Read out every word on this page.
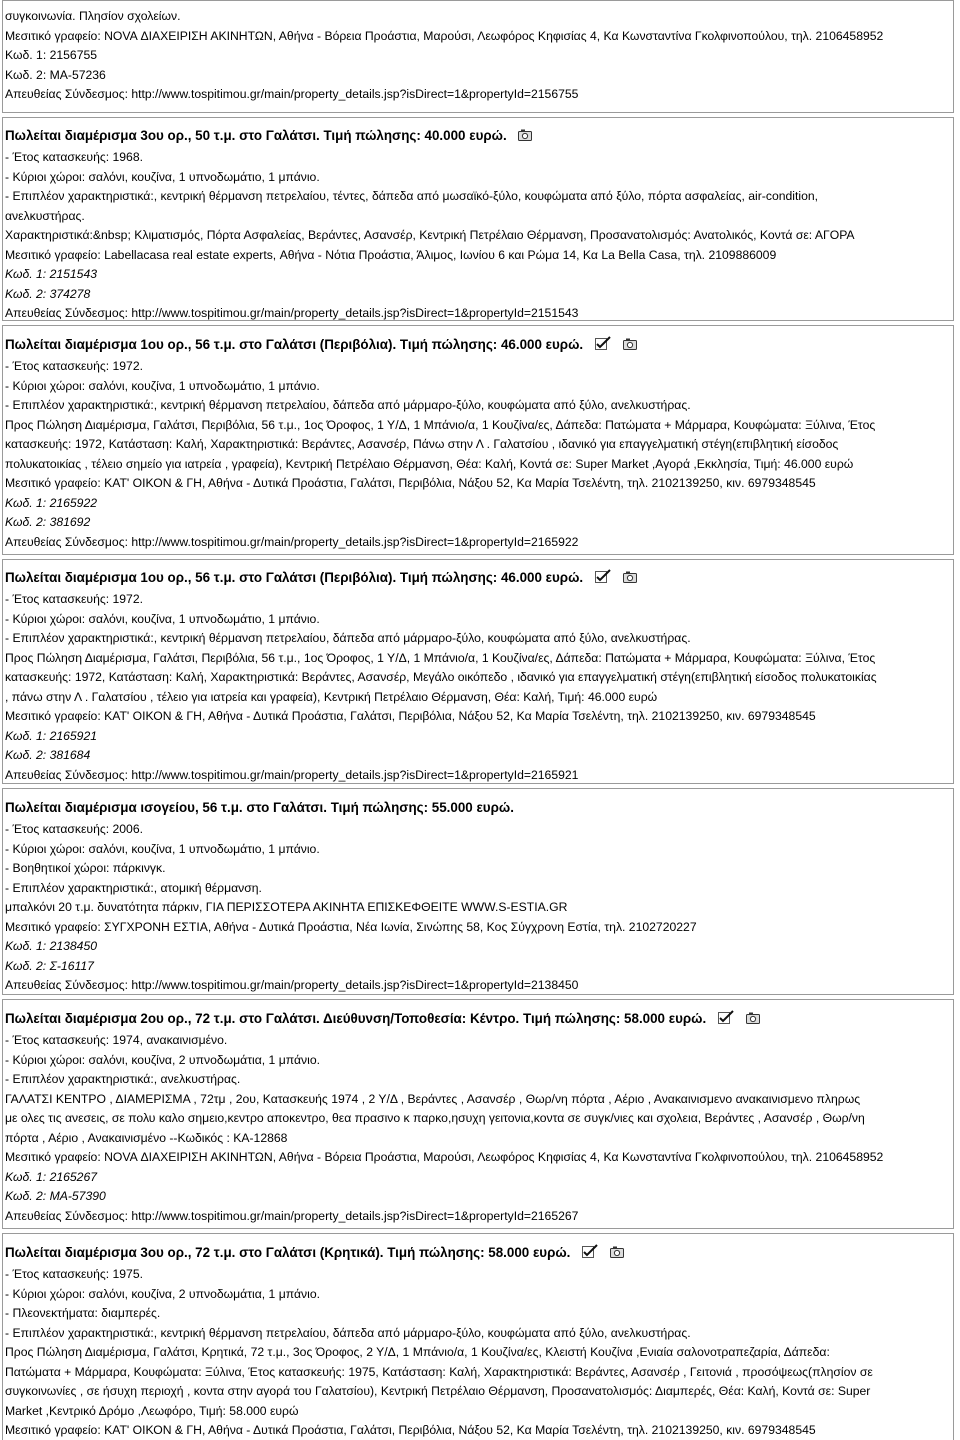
συγκοινωνία. Πλησίον σχολείων.
Μεσιτικό γραφείο: NOVA ΔΙΑΧΕΙΡΙΣΗ ΑΚΙΝΗΤΩΝ, Αθήνα - Βόρεια Προάστια, Μαρούσι, Λεωφόρος Κηφισίας 4, Κα Κωνσταντίνα Γκολφινοπούλου, τηλ. 2106458952
Κωδ. 1: 2156755
Κωδ. 2: ΜΑ-57236
Απευθείας Σύνδεσμος: http://www.tospitimou.gr/main/property_details.jsp?isDirect=1&propertyId=2156755
Πωλείται διαμέρισμα 3ου ορ., 50 τ.μ. στο Γαλάτσι. Τιμή πώλησης: 40.000 ευρώ.
- Έτος κατασκευής: 1968.
- Κύριοι χώροι: σαλόνι, κουζίνα, 1 υπνοδωμάτιο, 1 μπάνιο.
- Επιπλέον χαρακτηριστικά:, κεντρική θέρμανση πετρελαίου, τέντες, δάπεδα από μωσαϊκό-ξύλο, κουφώματα από ξύλο, πόρτα ασφαλείας, air-condition,
ανελκυστήρας.
Χαρακτηριστικά:&nbsp; Κλιματισμός, Πόρτα Ασφαλείας, Βεράντες, Ασανσέρ, Κεντρική Πετρέλαιο Θέρμανση, Προσανατολισμός: Ανατολικός, Κοντά σε: ΑΓΟΡΑ
Μεσιτικό γραφείο: Labellacasa real estate experts, Αθήνα - Νότια Προάστια, Άλιμος, Ιωνίου 6 και Ρώμα 14, Κα La Bella Casa, τηλ. 2109886009
Κωδ. 1: 2151543
Κωδ. 2: 374278
Απευθείας Σύνδεσμος: http://www.tospitimou.gr/main/property_details.jsp?isDirect=1&propertyId=2151543
Πωλείται διαμέρισμα 1ου ορ., 56 τ.μ. στο Γαλάτσι (Περιβόλια). Τιμή πώλησης: 46.000 ευρώ.
- Έτος κατασκευής: 1972.
- Κύριοι χώροι: σαλόνι, κουζίνα, 1 υπνοδωμάτιο, 1 μπάνιο.
- Επιπλέον χαρακτηριστικά:, κεντρική θέρμανση πετρελαίου, δάπεδα από μάρμαρο-ξύλο, κουφώματα από ξύλο, ανελκυστήρας.
Προς Πώληση Διαμέρισμα, Γαλάτσι, Περιβόλια, 56 τ.μ., 1ος Όροφος, 1 Υ/Δ, 1 Μπάνιο/α, 1 Κουζίνα/ες, Δάπεδα: Πατώματα + Μάρμαρα, Κουφώματα: Ξύλινα, Έτος
κατασκευής: 1972, Κατάσταση: Καλή, Χαρακτηριστικά: Βεράντες, Ασανσέρ, Πάνω στην Λ . Γαλατσίου , ιδανικό για επαγγελματική στέγη(επιβλητική είσοδος
πολυκατοικίας , τέλειο σημείο για ιατρεία , γραφεία), Κεντρική Πετρέλαιο Θέρμανση, Θέα: Καλή, Κοντά σε: Super Market ,Αγορά ,Εκκλησία, Τιμή: 46.000 ευρώ
Μεσιτικό γραφείο: ΚΑΤ' ΟΙΚΟΝ & ΓΗ, Αθήνα - Δυτικά Προάστια, Γαλάτσι, Περιβόλια, Νάξου 52, Κα Μαρία Τσελέντη, τηλ. 2102139250, κιν. 6979348545
Κωδ. 1: 2165922
Κωδ. 2: 381692
Απευθείας Σύνδεσμος: http://www.tospitimou.gr/main/property_details.jsp?isDirect=1&propertyId=2165922
Πωλείται διαμέρισμα 1ου ορ., 56 τ.μ. στο Γαλάτσι (Περιβόλια). Τιμή πώλησης: 46.000 ευρώ.
- Έτος κατασκευής: 1972.
- Κύριοι χώροι: σαλόνι, κουζίνα, 1 υπνοδωμάτιο, 1 μπάνιο.
- Επιπλέον χαρακτηριστικά:, κεντρική θέρμανση πετρελαίου, δάπεδα από μάρμαρο-ξύλο, κουφώματα από ξύλο, ανελκυστήρας.
Προς Πώληση Διαμέρισμα, Γαλάτσι, Περιβόλια, 56 τ.μ., 1ος Όροφος, 1 Υ/Δ, 1 Μπάνιο/α, 1 Κουζίνα/ες, Δάπεδα: Πατώματα + Μάρμαρα, Κουφώματα: Ξύλινα, Έτος
κατασκευής: 1972, Κατάσταση: Καλή, Χαρακτηριστικά: Βεράντες, Ασανσέρ, Μεγάλο οικόπεδο , ιδανικό για επαγγελματική στέγη(επιβλητική είσοδος πολυκατοικίας
, πάνω στην Λ . Γαλατσίου , τέλειο για ιατρεία και γραφεία), Κεντρική Πετρέλαιο Θέρμανση, Θέα: Καλή, Τιμή: 46.000 ευρώ
Μεσιτικό γραφείο: ΚΑΤ' ΟΙΚΟΝ & ΓΗ, Αθήνα - Δυτικά Προάστια, Γαλάτσι, Περιβόλια, Νάξου 52, Κα Μαρία Τσελέντη, τηλ. 2102139250, κιν. 6979348545
Κωδ. 1: 2165921
Κωδ. 2: 381684
Απευθείας Σύνδεσμος: http://www.tospitimou.gr/main/property_details.jsp?isDirect=1&propertyId=2165921
Πωλείται διαμέρισμα ισογείου, 56 τ.μ. στο Γαλάτσι. Τιμή πώλησης: 55.000 ευρώ.
- Έτος κατασκευής: 2006.
- Κύριοι χώροι: σαλόνι, κουζίνα, 1 υπνοδωμάτιο, 1 μπάνιο.
- Βοηθητικοί χώροι: πάρκινγκ.
- Επιπλέον χαρακτηριστικά:, ατομική θέρμανση.
μπαλκόνι 20 τ.μ. δυνατότητα πάρκιν, ΓΙΑ ΠΕΡΙΣΣΟΤΕΡΑ ΑΚΙΝΗΤΑ ΕΠΙΣΚΕΦΘΕΙΤΕ WWW.S-ESTIA.GR
Μεσιτικό γραφείο: ΣΥΓΧΡΟΝΗ ΕΣΤΙΑ, Αθήνα - Δυτικά Προάστια, Νέα Ιωνία, Σινώπης 58, Κος Σύγχρονη Εστία, τηλ. 2102720227
Κωδ. 1: 2138450
Κωδ. 2: Σ-16117
Απευθείας Σύνδεσμος: http://www.tospitimou.gr/main/property_details.jsp?isDirect=1&propertyId=2138450
Πωλείται διαμέρισμα 2ου ορ., 72 τ.μ. στο Γαλάτσι. Διεύθυνση/Τοποθεσία: Κέντρο. Τιμή πώλησης: 58.000 ευρώ.
- Έτος κατασκευής: 1974, ανακαινισμένο.
- Κύριοι χώροι: σαλόνι, κουζίνα, 2 υπνοδωμάτια, 1 μπάνιο.
- Επιπλέον χαρακτηριστικά:, ανελκυστήρας.
ΓΑΛΑΤΣΙ ΚΕΝΤΡΟ , ΔΙΑΜΕΡΙΣΜΑ , 72τμ , 2ου, Κατασκευής 1974 , 2 Υ/Δ , Βεράντες , Ασανσέρ , Θωρ/νη πόρτα , Αέριο , Ανακαινισμενο ανακαινισμενο πληρως
με ολες τις ανεσεις, σε πολυ καλο σημειο,κεντρο αποκεντρο, θεα πρασινο κ παρκο,ησυχη γειτονια,κοντα σε συγκ/νιες και σχολεια, Βεράντες , Ασανσέρ , Θωρ/νη
πόρτα , Αέριο , Ανακαινισμένο --Κωδικός : ΚΑ-12868
Μεσιτικό γραφείο: NOVA ΔΙΑΧΕΙΡΙΣΗ ΑΚΙΝΗΤΩΝ, Αθήνα - Βόρεια Προάστια, Μαρούσι, Λεωφόρος Κηφισίας 4, Κα Κωνσταντίνα Γκολφινοπούλου, τηλ. 2106458952
Κωδ. 1: 2165267
Κωδ. 2: ΜΑ-57390
Απευθείας Σύνδεσμος: http://www.tospitimou.gr/main/property_details.jsp?isDirect=1&propertyId=2165267
Πωλείται διαμέρισμα 3ου ορ., 72 τ.μ. στο Γαλάτσι (Κρητικά). Τιμή πώλησης: 58.000 ευρώ.
- Έτος κατασκευής: 1975.
- Κύριοι χώροι: σαλόνι, κουζίνα, 2 υπνοδωμάτια, 1 μπάνιο.
- Πλεονεκτήματα: διαμπερές.
- Επιπλέον χαρακτηριστικά:, κεντρική θέρμανση πετρελαίου, δάπεδα από μάρμαρο-ξύλο, κουφώματα από ξύλο, ανελκυστήρας.
Προς Πώληση Διαμέρισμα, Γαλάτσι, Κρητικά, 72 τ.μ., 3ος Όροφος, 2 Υ/Δ, 1 Μπάνιο/α, 1 Κουζίνα/ες, Κλειστή Κουζίνα ,Ενιαία σαλονοτραπεζαρία, Δάπεδα:
Πατώματα + Μάρμαρα, Κουφώματα: Ξύλινα, Έτος κατασκευής: 1975, Κατάσταση: Καλή, Χαρακτηριστικά: Βεράντες, Ασανσέρ , Γειτονιά , προσόψεως(πλησίον σε
συγκοινωνίες , σε ήσυχη περιοχή , κοντα στην αγορά του Γαλατσίου), Κεντρική Πετρέλαιο Θέρμανση, Προσανατολισμός: Διαμπερές, Θέα: Καλή, Κοντά σε: Super
Market ,Κεντρικό Δρόμο ,Λεωφόρο, Τιμή: 58.000 ευρώ
Μεσιτικό γραφείο: ΚΑΤ' ΟΙΚΟΝ & ΓΗ, Αθήνα - Δυτικά Προάστια, Γαλάτσι, Περιβόλια, Νάξου 52, Κα Μαρία Τσελέντη, τηλ. 2102139250, κιν. 6979348545
